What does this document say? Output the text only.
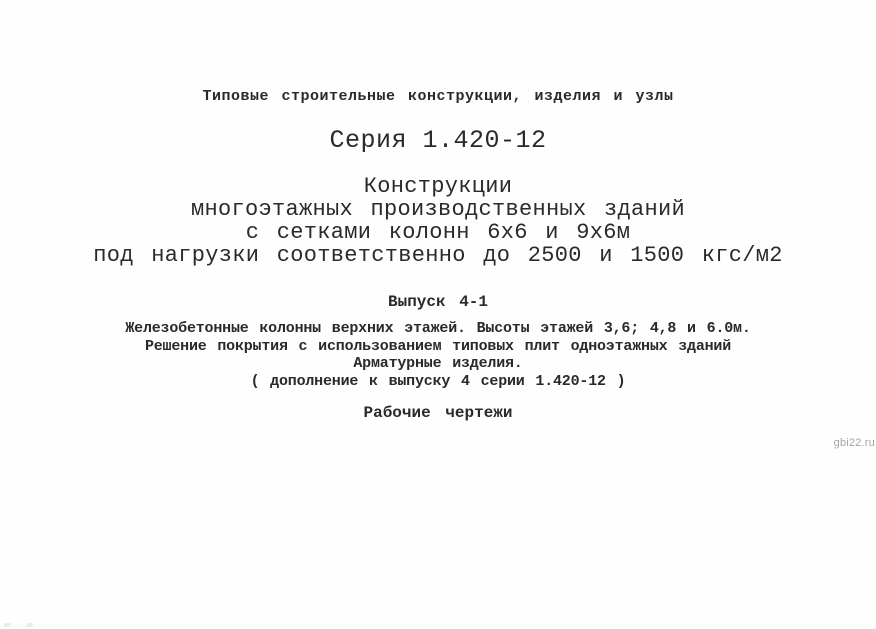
Типовые строительные конструкции, изделия и узлы
Серия 1.420-12
Конструкции
многоэтажных производственных зданий
с сетками колонн 6х6 и 9х6м
под нагрузки соответственно до 2500 и 1500 кгс/м2
Выпуск 4-1
Железобетонные колонны верхних этажей. Высоты этажей 3,6; 4,8 и 6.0м.
Решение покрытия с использованием типовых плит одноэтажных зданий
Арматурные изделия.
( дополнение к выпуску 4 серии 1.420-12 )
Рабочие чертежи
gbi22.ru
